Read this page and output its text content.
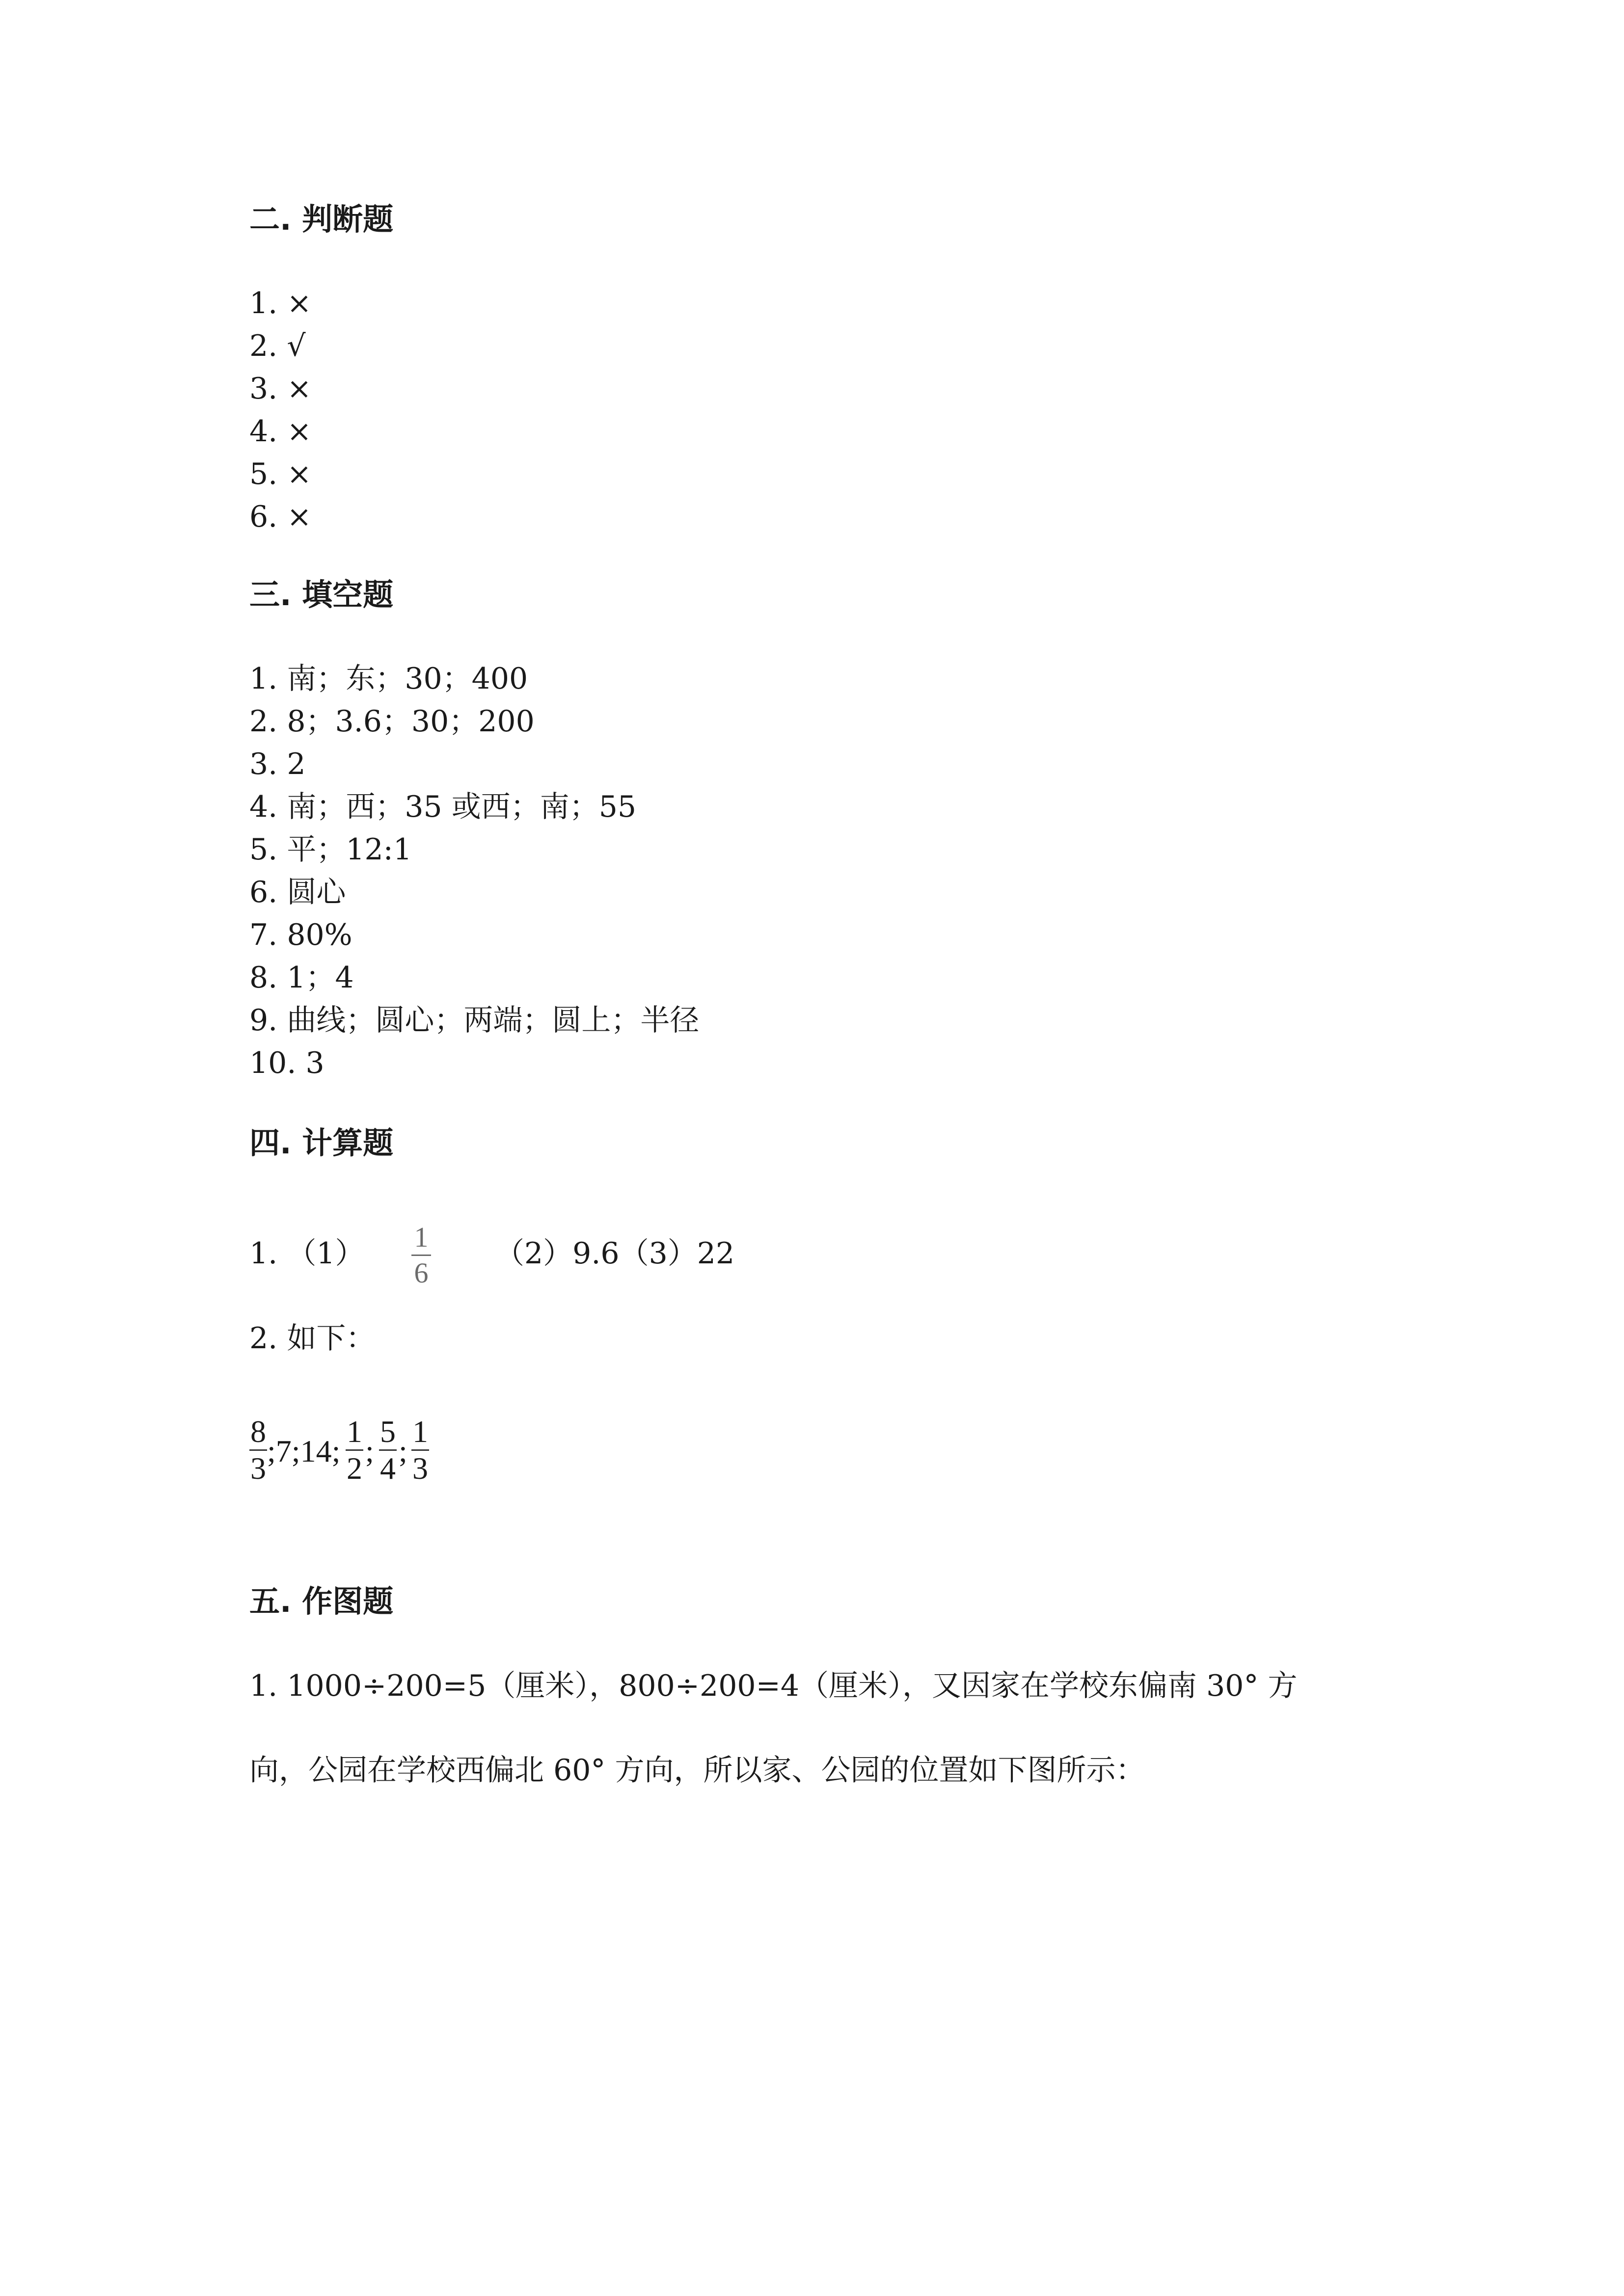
二. 判断题
1. ×
2. √
3. ×
4. ×
5. ×
6. ×
三. 填空题
1. 南；东；30；400
2. 8；3.6；30；200
3. 2
4. 南；西；35 或西；南；55
5. 平；12:1
6. 圆心
7. 80%
8. 1；4
9. 曲线；圆心；两端；圆上；半径
10. 3
四. 计算题
1. （1） 1
6
（2）9.6（3）22
2. 如下：
8
3 ;7;14;
1
2 ;
5
4 ;
1
3
五. 作图题
1. 1000÷200=5（厘米），800÷200=4（厘米），又因家在学校东偏南 30° 方
向，公园在学校西偏北 60° 方向，所以家、公园的位置如下图所示：
